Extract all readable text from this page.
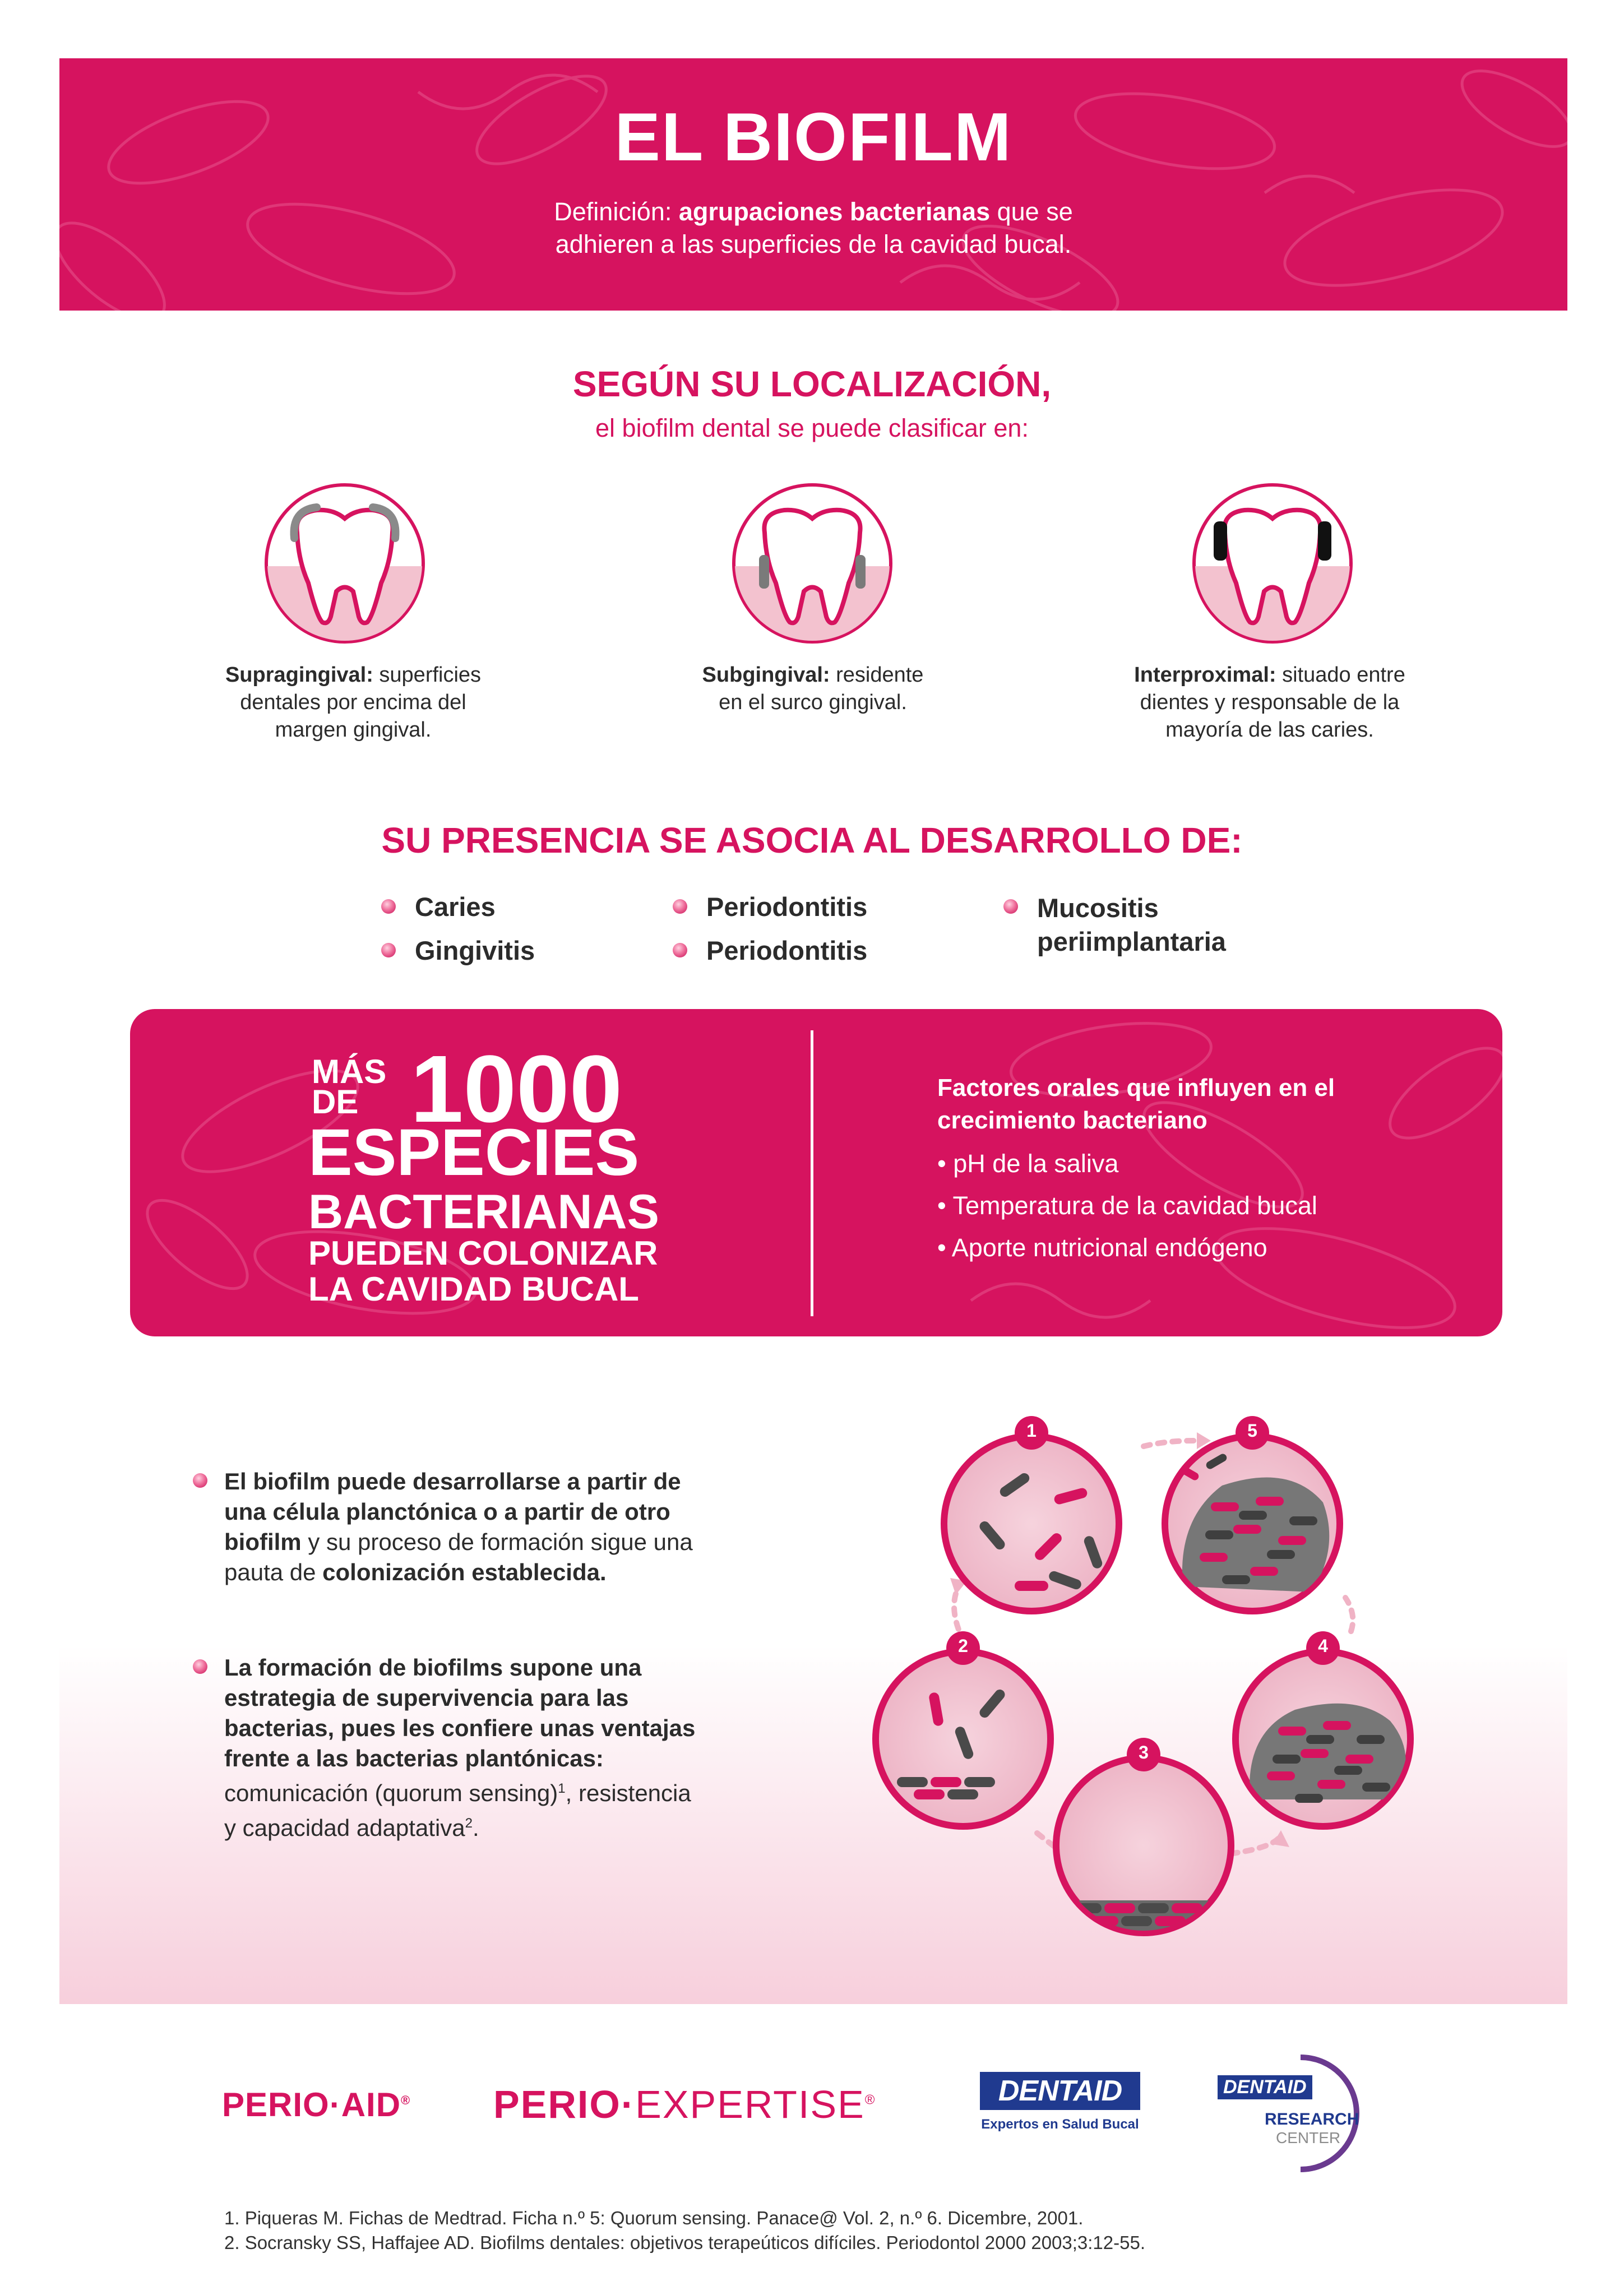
EL BIOFILM
Definición: agrupaciones bacterianas que se
adhieren a las superficies de la cavidad bucal.
SEGÚN SU LOCALIZACIÓN,
el biofilm dental se puede clasificar en:
Supragingival: superficies
dentales por encima del
margen gingival.
Subgingival: residente
en el surco gingival.
Interproximal: situado entre
dientes y responsable de la
mayoría de las caries.
SU PRESENCIA SE ASOCIA AL DESARROLLO DE:
Caries
Gingivitis
Periodontitis
Periodontitis
Mucositis
periimplantaria
MÁS
DE 1000
ESPECIES
BACTERIANAS
PUEDEN COLONIZAR
LA CAVIDAD BUCAL
Factores orales que influyen en el
crecimiento bacteriano
• pH de la saliva
• Temperatura de la cavidad bucal
• Aporte nutricional endógeno
El biofilm puede desarrollarse a partir de
una célula planctónica o a partir de otro
biofilm y su proceso de formación sigue una
pauta de colonización establecida.
La formación de biofilms supone una
estrategia de supervivencia para las
bacterias, pues les confiere unas ventajas
frente a las bacterias plantónicas:
comunicación (quorum sensing)$^1$, resistencia
y capacidad adaptativa$^2$.
1
2
3
4
5
PERIO·AID® PERIO·EXPERTISE®	DENTAID
Expertos en Salud Bucal
DENTAID
RESEARCH
CENTER
1. Piqueras M. Fichas de Medtrad. Ficha n.º 5: Quorum sensing. Panace@ Vol. 2, n.º 6. Dicembre, 2001.
2. Socransky SS, Haffajee AD. Biofilms dentales: objetivos terapeúticos difíciles. Periodontol 2000 2003;3:12-55.
